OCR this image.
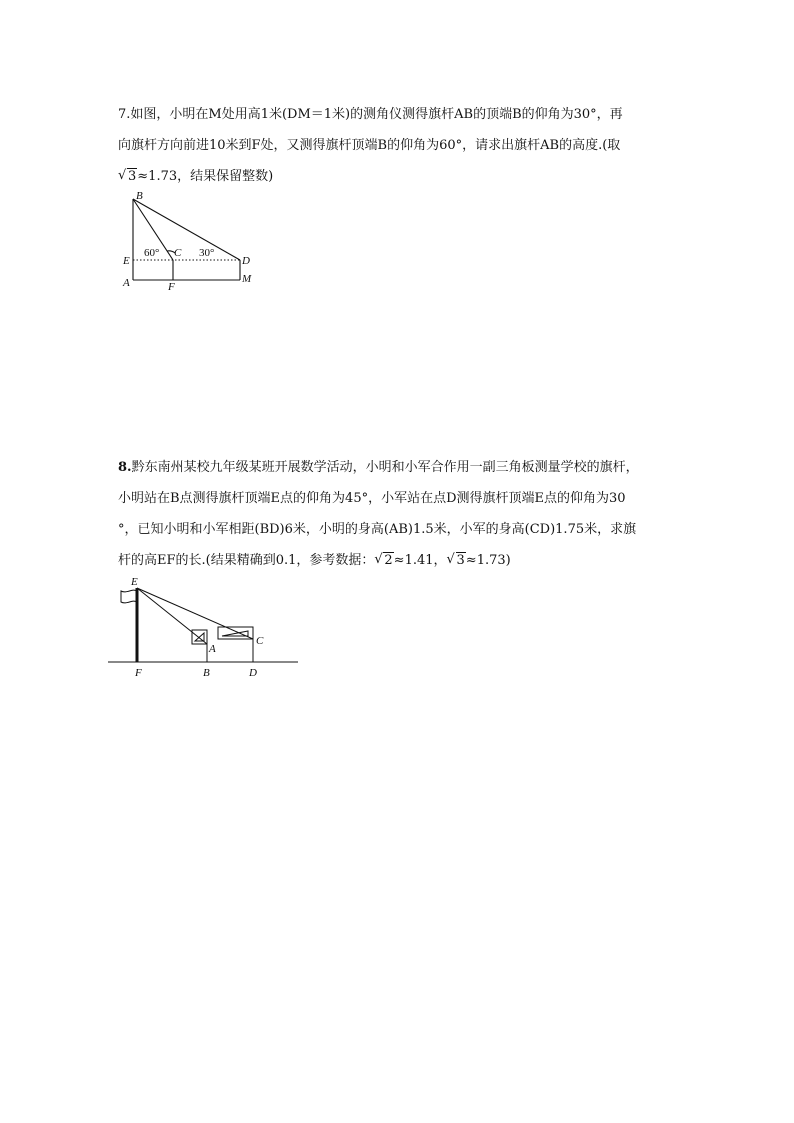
7.如图，小明在M处用高1米(DM＝1米)的测角仪测得旗杆AB的顶端B的仰角为30°，再
向旗杆方向前进10米到F处，又测得旗杆顶端B的仰角为60°，请求出旗杆AB的高度.(取
√ 3≈1.73，结果保留整数)
B
E
A
C
F
D
M
60°	30°
8.黔东南州某校九年级某班开展数学活动，小明和小军合作用一副三角板测量学校的旗杆，
小明站在B点测得旗杆顶端E点的仰角为45°，小军站在点D测得旗杆顶端E点的仰角为30
°，已知小明和小军相距(BD)6米，小明的身高(AB)1.5米，小军的身高(CD)1.75米，求旗
杆的高EF的长.(结果精确到0.1，参考数据： √ 2≈1.41， √ 3≈1.73)
E
A
C
F	B	D
